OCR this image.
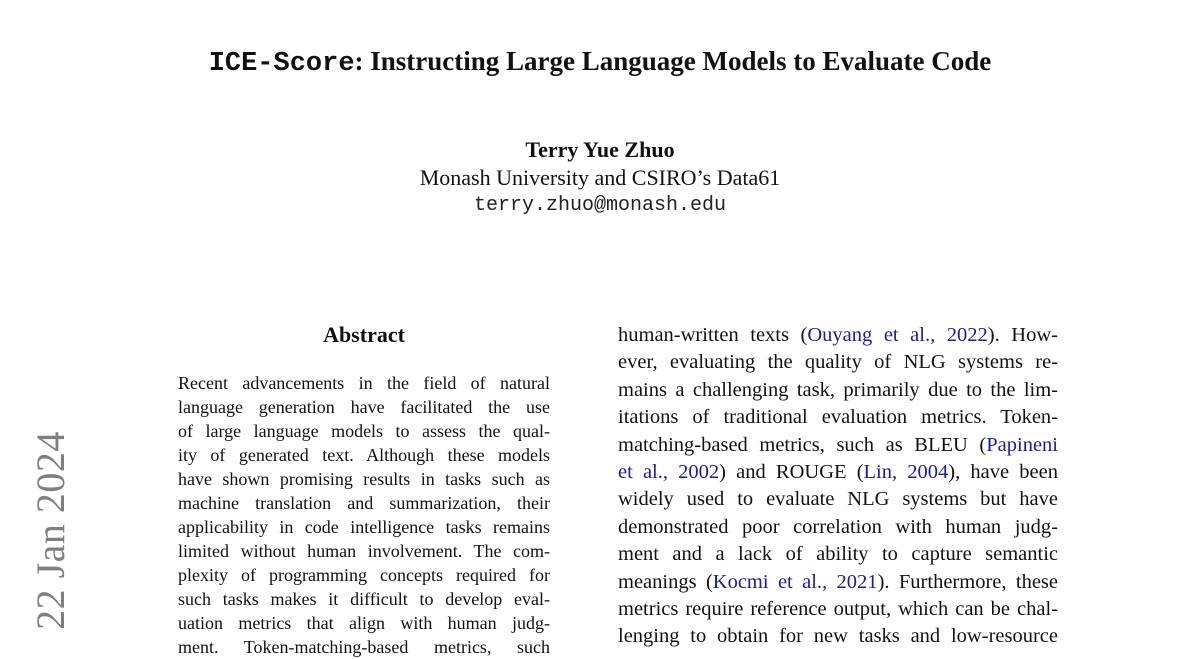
ICE-Score: Instructing Large Language Models to Evaluate Code
Terry Yue Zhuo
Monash University and CSIRO’s Data61
terry.zhuo@monash.edu
22 Jan 2024
Abstract
Recent advancements in the field of natural
language generation have facilitated the use
of large language models to assess the qual-
ity of generated text. Although these models
have shown promising results in tasks such as
machine translation and summarization, their
applicability in code intelligence tasks remains
limited without human involvement. The com-
plexity of programming concepts required for
such tasks makes it difficult to develop eval-
uation metrics that align with human judg-
ment. Token-matching-based metrics, such
human-written texts (Ouyang et al., 2022). How-
ever, evaluating the quality of NLG systems re-
mains a challenging task, primarily due to the lim-
itations of traditional evaluation metrics. Token-
matching-based metrics, such as BLEU (Papineni
et al., 2002) and ROUGE (Lin, 2004), have been
widely used to evaluate NLG systems but have
demonstrated poor correlation with human judg-
ment and a lack of ability to capture semantic
meanings (Kocmi et al., 2021). Furthermore, these
metrics require reference output, which can be chal-
lenging to obtain for new tasks and low-resource
